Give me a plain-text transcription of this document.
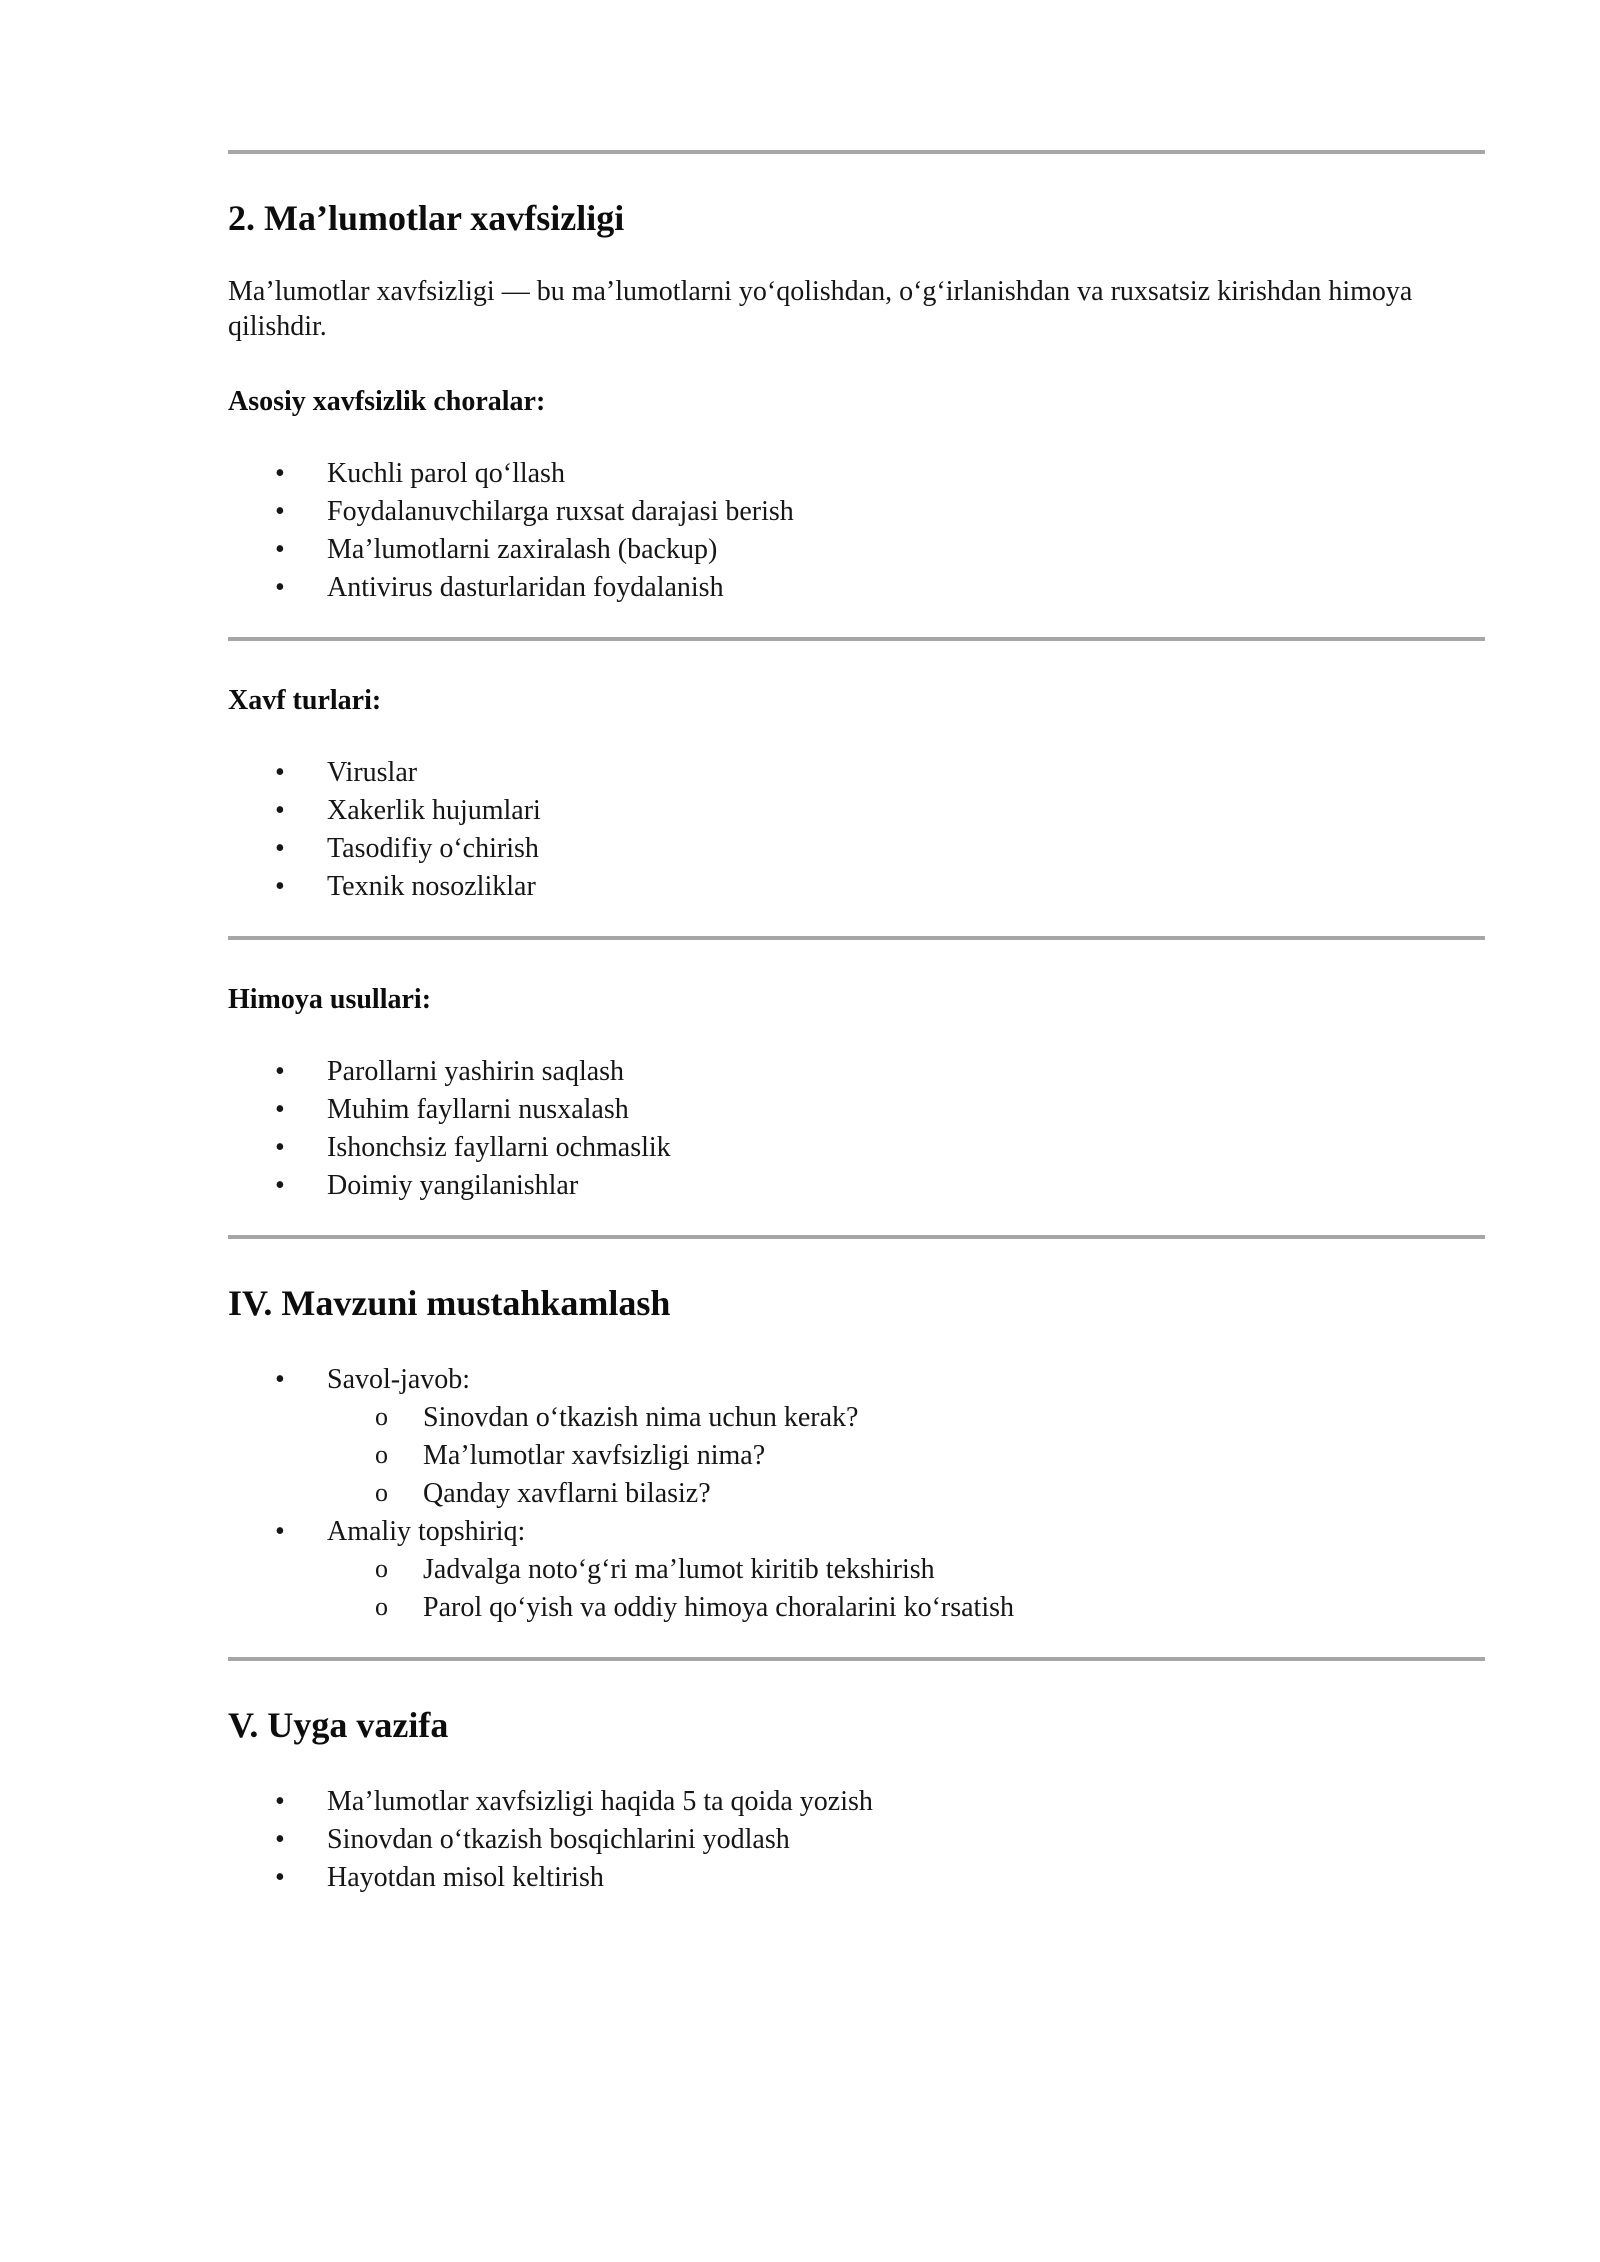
2. Ma’lumotlar xavfsizligi

Ma’lumotlar xavfsizligi — bu ma’lumotlarni yo‘qolishdan, o‘g‘irlanishdan va ruxsatsiz kirishdan himoya qilishdir.

Asosiy xavfsizlik choralar:

• Kuchli parol qo‘llash
• Foydalanuvchilarga ruxsat darajasi berish
• Ma’lumotlarni zaxiralash (backup)
• Antivirus dasturlaridan foydalanish

Xavf turlari:

• Viruslar
• Xakerlik hujumlari
• Tasodifiy o‘chirish
• Texnik nosozliklar

Himoya usullari:

• Parollarni yashirin saqlash
• Muhim fayllarni nusxalash
• Ishonchsiz fayllarni ochmaslik
• Doimiy yangilanishlar
IV. Mavzuni mustahkamlash
• Savol-javob:
o Sinovdan o‘tkazish nima uchun kerak?
o Ma’lumotlar xavfsizligi nima?
o Qanday xavflarni bilasiz?
• Amaliy topshiriq:
o Jadvalga noto‘g‘ri ma’lumot kiritib tekshirish
o Parol qo‘yish va oddiy himoya choralarini ko‘rsatish
V. Uyga vazifa
• Ma’lumotlar xavfsizligi haqida 5 ta qoida yozish
• Sinovdan o‘tkazish bosqichlarini yodlash
• Hayotdan misol keltirish
